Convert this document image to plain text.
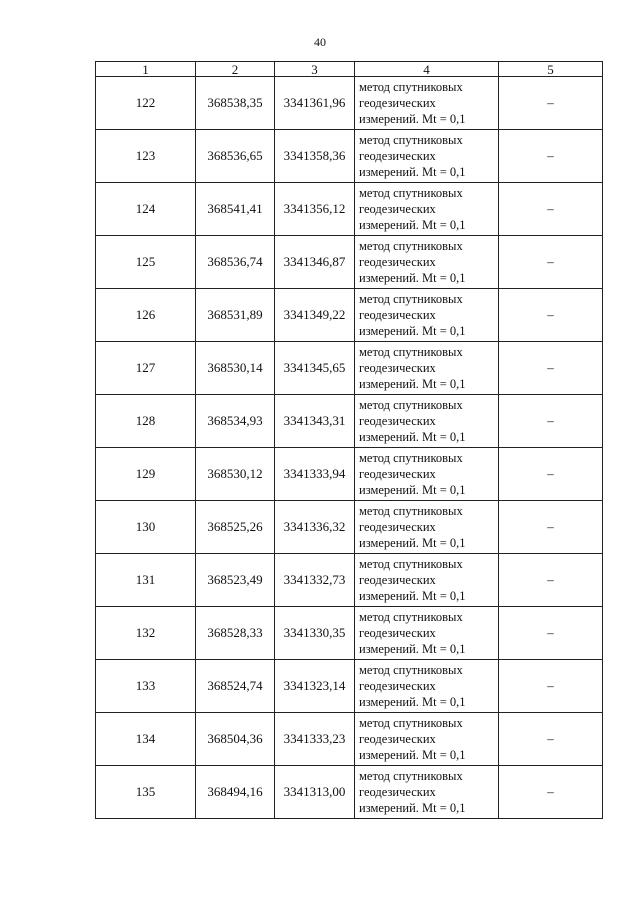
40
1	2	3	4	5
122	368538,35	3341361,96	метод спутниковых
геодезических
измерений. Mt = 0,1	–
123	368536,65	3341358,36	метод спутниковых
геодезических
измерений. Mt = 0,1	–
124	368541,41	3341356,12	метод спутниковых
геодезических
измерений. Mt = 0,1	–
125	368536,74	3341346,87	метод спутниковых
геодезических
измерений. Mt = 0,1	–
126	368531,89	3341349,22	метод спутниковых
геодезических
измерений. Mt = 0,1	–
127	368530,14	3341345,65	метод спутниковых
геодезических
измерений. Mt = 0,1	–
128	368534,93	3341343,31	метод спутниковых
геодезических
измерений. Mt = 0,1	–
129	368530,12	3341333,94	метод спутниковых
геодезических
измерений. Mt = 0,1	–
130	368525,26	3341336,32	метод спутниковых
геодезических
измерений. Mt = 0,1	–
131	368523,49	3341332,73	метод спутниковых
геодезических
измерений. Mt = 0,1	–
132	368528,33	3341330,35	метод спутниковых
геодезических
измерений. Mt = 0,1	–
133	368524,74	3341323,14	метод спутниковых
геодезических
измерений. Mt = 0,1	–
134	368504,36	3341333,23	метод спутниковых
геодезических
измерений. Mt = 0,1	–
135	368494,16	3341313,00	метод спутниковых
геодезических
измерений. Mt = 0,1	–
